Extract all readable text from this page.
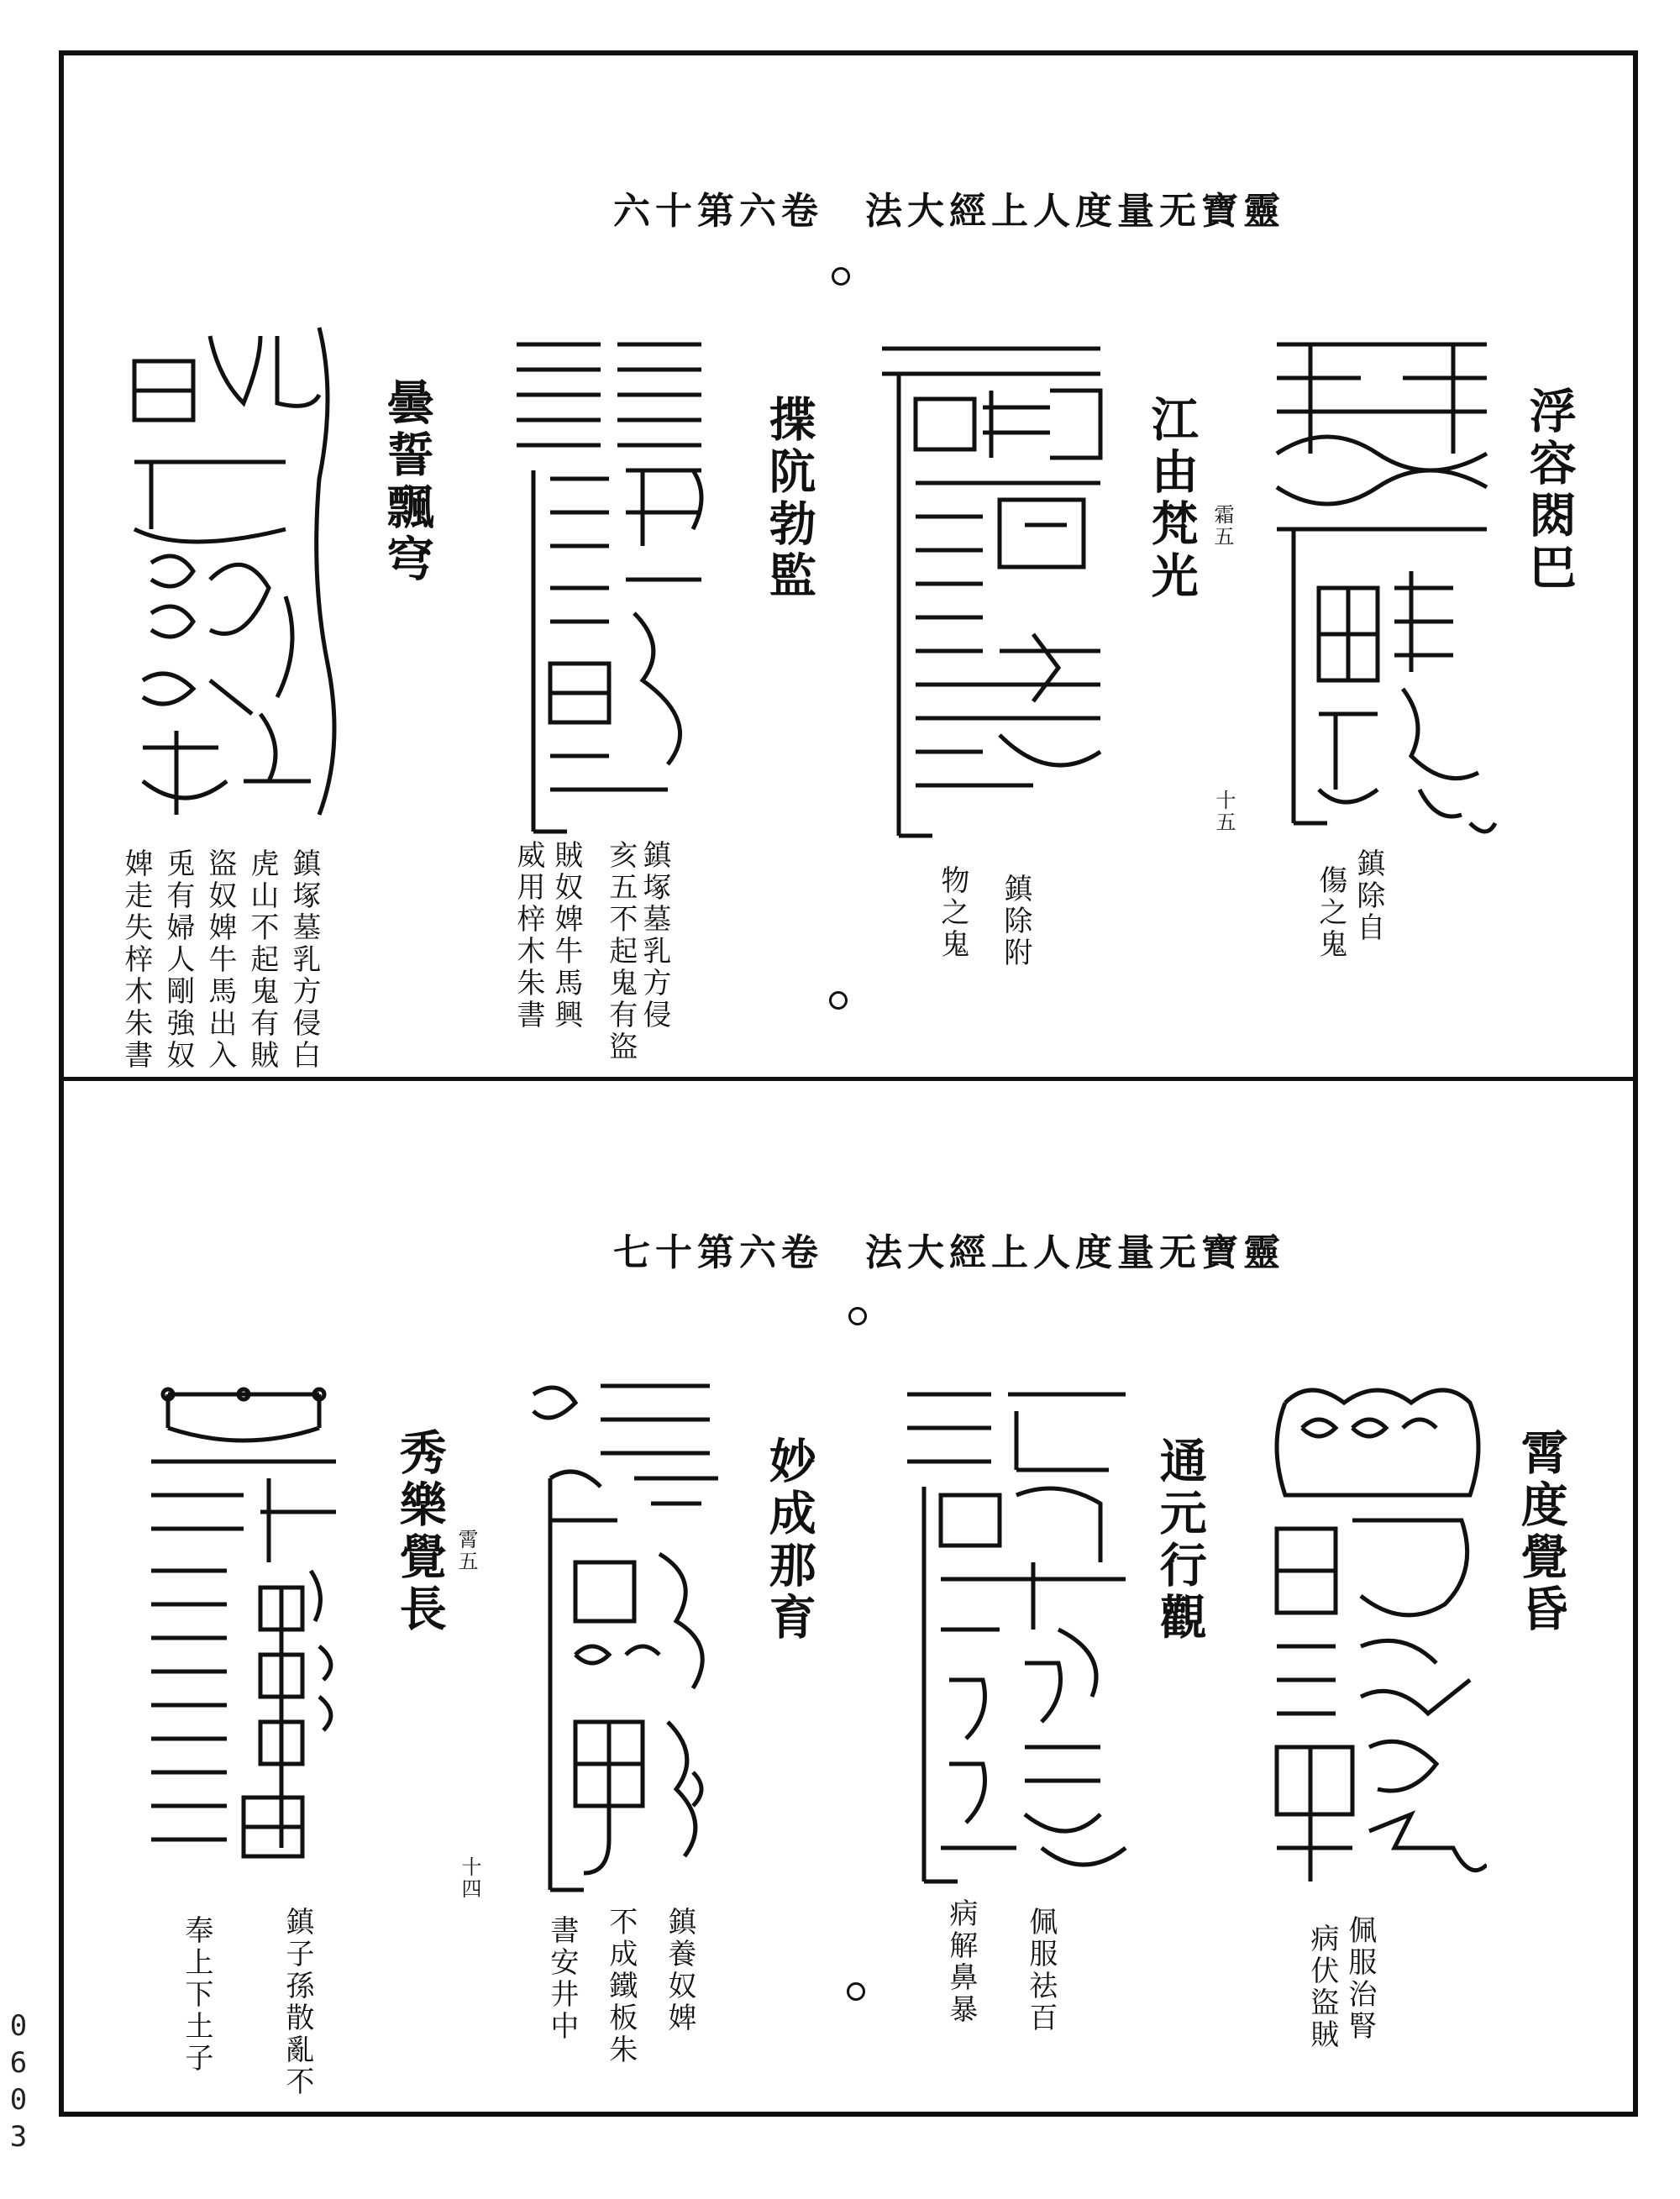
六十第六卷　法大經上人度量无寶靈
浮容閦巴
十五
鎮除自
傷之鬼
江由梵光 霜五
鎮除附
物之鬼
揲阬勃監
鎮塚墓乳方侵
亥五不起鬼有盜
賊奴婢牛馬興
威用梓木朱書
曇誓飄穹
鎮塚墓乳方侵白
虎山不起鬼有賊
盜奴婢牛馬出入
兎有婦人剛強奴
婢走失梓木朱書
七十第六卷　法大經上人度量无寶靈
霄度覺昏
佩服治腎
病伏盜賊
通元行觀
佩服祛百
病解鼻暴
妙成那育
十四
鎮養奴婢
不成鐵板朱
書安井中
秀樂覺長 霄五
鎮子孫散亂不
奉上下土子
0
6
0
3
